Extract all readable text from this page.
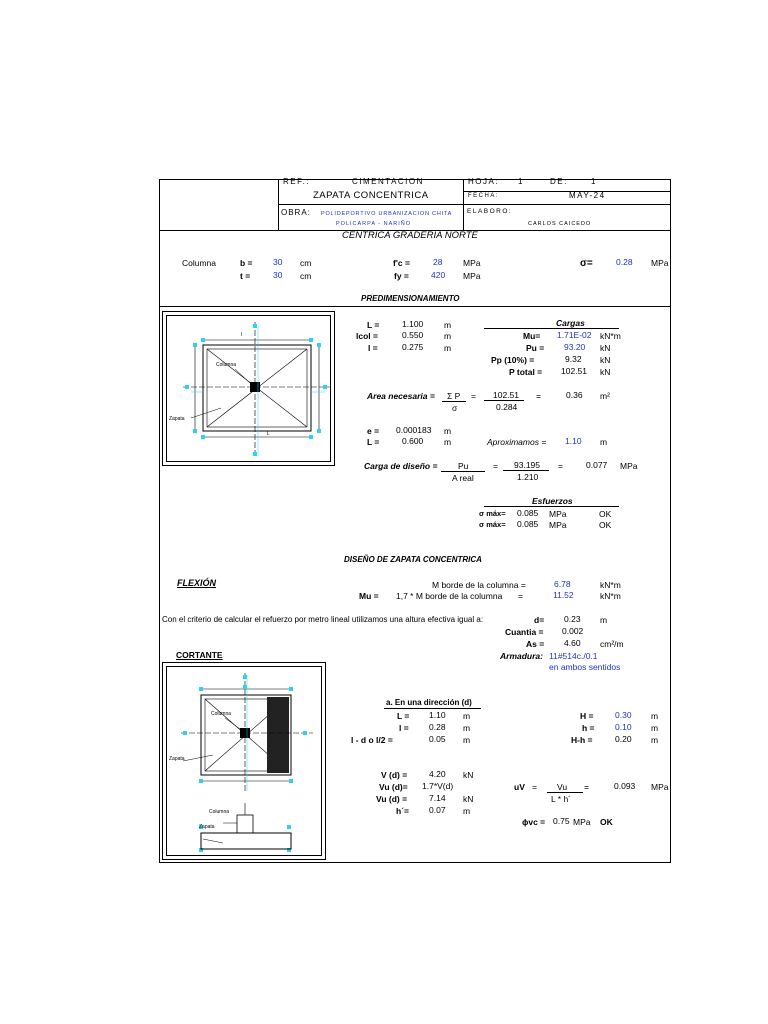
REF.:	CIMENTACION
ZAPATA CONCENTRICA
HOJA: 1	DE:	1
FECHA:	MAY-24
OBRA: POLIDEPORTIVO URBANIZACION CHITA
POLICARPA - NARIÑO
ELABORO:
CARLOS CAICEDO
CENTRICA GRADERIA NORTE
Columna	b = 30 cm
t =	30 cm
f'c =	28 MPa
fy =	420 MPa
σ=	0.28 MPa
PREDIMENSIONAMIENTO
Columna
Zapata
L
l
L =	1.100 m
lcol =	0.550 m
l =	0.275 m
Cargas
Mu= 1.71E-02 kN*m
Pu = 93.20 kN
Pp (10%) =	9.32 kN
P total = 102.51 kN
Area necesaria = Σ P
σ
= 102.51
0.284
=	0.36 m²
e = 0.000183 m
L =	0.600 m	Aproximamos = 1.10 m
Carga de diseño = Pu
A real
= 93.195
1.210
=	0.077 MPa
Esfuerzos
σ máx= 0.085 MPa	OK
σ máx= 0.085 MPa	OK
DISEÑO DE ZAPATA CONCENTRICA
FLEXIÓN	M borde de la columna =	6.78	kN*m
Mu = 1,7 * M borde de la columna =	11.52	kN*m
Con el criterio de calcular el refuerzo por metro lineal utilizamos una altura efectiva igual a:	d= 0.23 m
Cuantia = 0.002
As = 4.60 cm²/m
Armadura: 11#514c./0.1
en ambos sentidos
CORTANTE
Columna
Zapata
Columna
Zapata
a. En una dirección (d)
L = 1.10 m
l = 0.28 m
l - d o l/2 =	0.05 m
H =	0.30 m
h = 0.10 m
H-h =	0.20 m
V (d) =	4.20 kN
Vu (d)= 1.7*V(d)
Vu (d) =	7.14 kN
h´= 0.07 m
uV = Vu
L * h´
=	0.093 MPa
ϕvc = 0.75 MPa OK
